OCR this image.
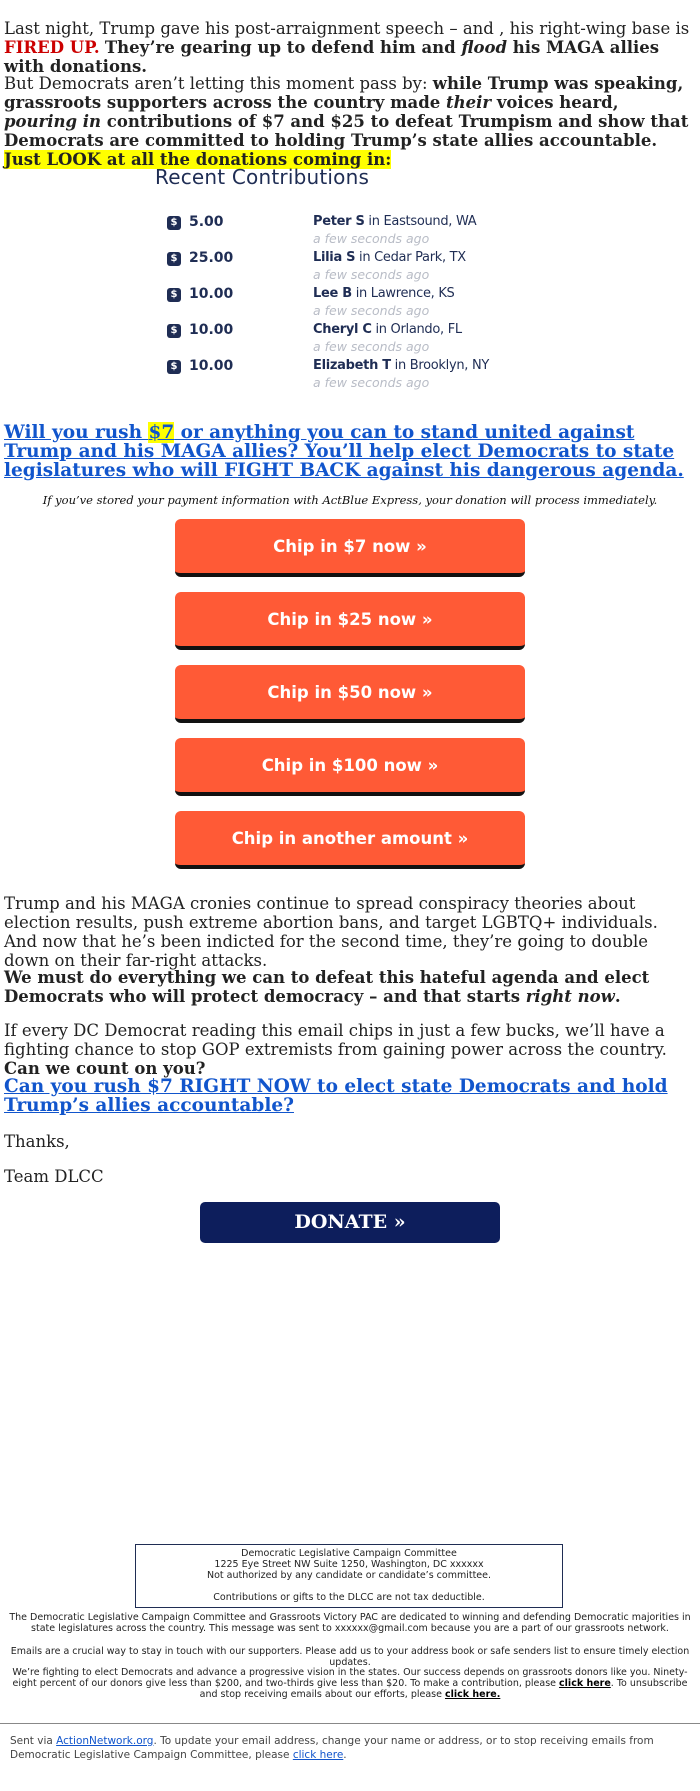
Last night, Trump gave his post-arraignment speech – and , his right-wing base is FIRED UP. They’re gearing up to defend him and flood his MAGA allies with donations.

But Democrats aren’t letting this moment pass by: while Trump was speaking, grassroots supporters across the country made their voices heard, pouring in contributions of $7 and $25 to defeat Trumpism and show that Democrats are committed to holding Trump’s state allies accountable. Just LOOK at all the donations coming in:

Recent Contributions
$ 5.00	Peter S in Eastsound, WA
a few seconds ago
$ 25.00	Lilia S in Cedar Park, TX
a few seconds ago
$ 10.00	Lee B in Lawrence, KS
a few seconds ago
$ 10.00	Cheryl C in Orlando, FL
a few seconds ago
$ 10.00	Elizabeth T in Brooklyn, NY
a few seconds ago

Will you rush $7 or anything you can to stand united against Trump and his MAGA allies? You’ll help elect Democrats to state legislatures who will FIGHT BACK against his dangerous agenda.

If you’ve stored your payment information with ActBlue Express, your donation will process immediately.

Chip in $7 now »
Chip in $25 now »
Chip in $50 now »
Chip in $100 now »
Chip in another amount »

Trump and his MAGA cronies continue to spread conspiracy theories about election results, push extreme abortion bans, and target LGBTQ+ individuals. And now that he’s been indicted for the second time, they’re going to double down on their far-right attacks.

We must do everything we can to defeat this hateful agenda and elect Democrats who will protect democracy – and that starts right now.

If every DC Democrat reading this email chips in just a few bucks, we’ll have a fighting chance to stop GOP extremists from gaining power across the country. Can we count on you?

Can you rush $7 RIGHT NOW to elect state Democrats and hold Trump’s allies accountable?

Thanks,

Team DLCC

DONATE »
Democratic Legislative Campaign Committee
1225 Eye Street NW Suite 1250, Washington, DC xxxxxx
Not authorized by any candidate or candidate’s committee.
Contributions or gifts to the DLCC are not tax deductible.

The Democratic Legislative Campaign Committee and Grassroots Victory PAC are dedicated to winning and defending Democratic majorities in state legislatures across the country. This message was sent to xxxxxx@gmail.com because you are a part of our grassroots network.

Emails are a crucial way to stay in touch with our supporters. Please add us to your address book or safe senders list to ensure timely election updates.

We’re fighting to elect Democrats and advance a progressive vision in the states. Our success depends on grassroots donors like you. Ninety-eight percent of our donors give less than $200, and two-thirds give less than $20. To make a contribution, please click here. To unsubscribe and stop receiving emails about our efforts, please click here.

Sent via ActionNetwork.org. To update your email address, change your name or address, or to stop receiving emails from Democratic Legislative Campaign Committee, please click here.
